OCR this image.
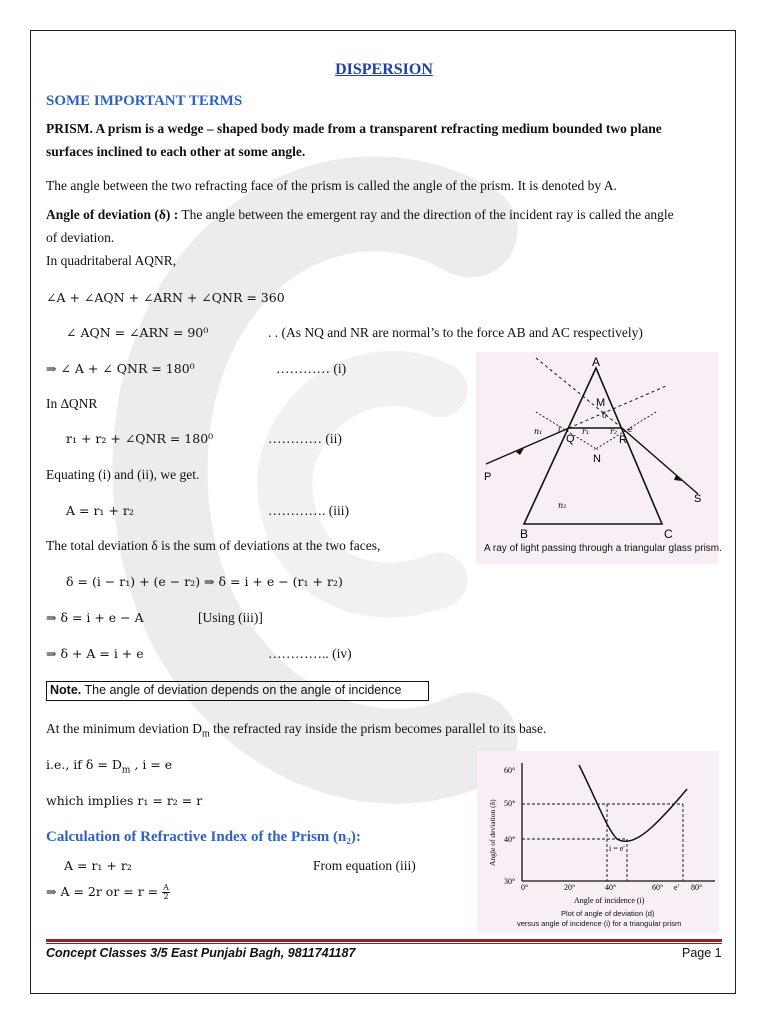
DISPERSION
SOME IMPORTANT TERMS
PRISM. A prism is a wedge – shaped body made from a transparent refracting medium bounded two plane
surfaces inclined to each other at some angle.
The angle between the two refracting face of the prism is called the angle of the prism. It is denoted by A.
Angle of deviation (δ) : The angle between the emergent ray and the direction of the incident ray is called the angle
of deviation.
In quadritaberal AQNR,
∠A + ∠AQN + ∠ARN + ∠QNR = 360
∠ AQN = ∠ARN = 90⁰	. . (As NQ and NR are normal’s to the force AB and AC respectively)
⇒ ∠ A + ∠ QNR = 180⁰	………… (i)
In ∆QNR
r₁ + r₂ + ∠QNR = 180⁰	………… (ii)
Equating (i) and (ii), we get.
A = r₁ + r₂	…………. (iii)
The total deviation δ is the sum of deviations at the two faces,
δ = (i − r₁) + (e − r₂) ⇒ δ = i + e − (r₁ + r₂)
⇒ δ = i + e − A	[Using (iii)]
⇒ δ + A = i + e	………….. (iv)
Note. The angle of deviation depends on the angle of incidence
At the minimum deviation $D_m$ the refracted ray inside the prism becomes parallel to its base.
i.e., if $\delta = D_m$ , i = e
which implies r₁ = r₂ = r
Calculation of Refractive Index of the Prism (n₂):
A = r₁ + r₂	From equation (iii)
⇒ A = 2r or = $r = \frac{A}{2}$
A
M
δ
Q	R
N
P
S
B	C
n₁ i	r₁	r₂ e
n₂
A ray of light passing through a triangular glass prism.
60°
50°
40°
30°
0°	20°	40°	60° e' 80°
i = e'
Angle of incidence (i)
Angle of deviation (δ)
Plot of angle of deviation (d)
versus angle of incidence (i) for a triangular prism
Concept Classes 3/5 East Punjabi Bagh, 9811741187	Page 1
